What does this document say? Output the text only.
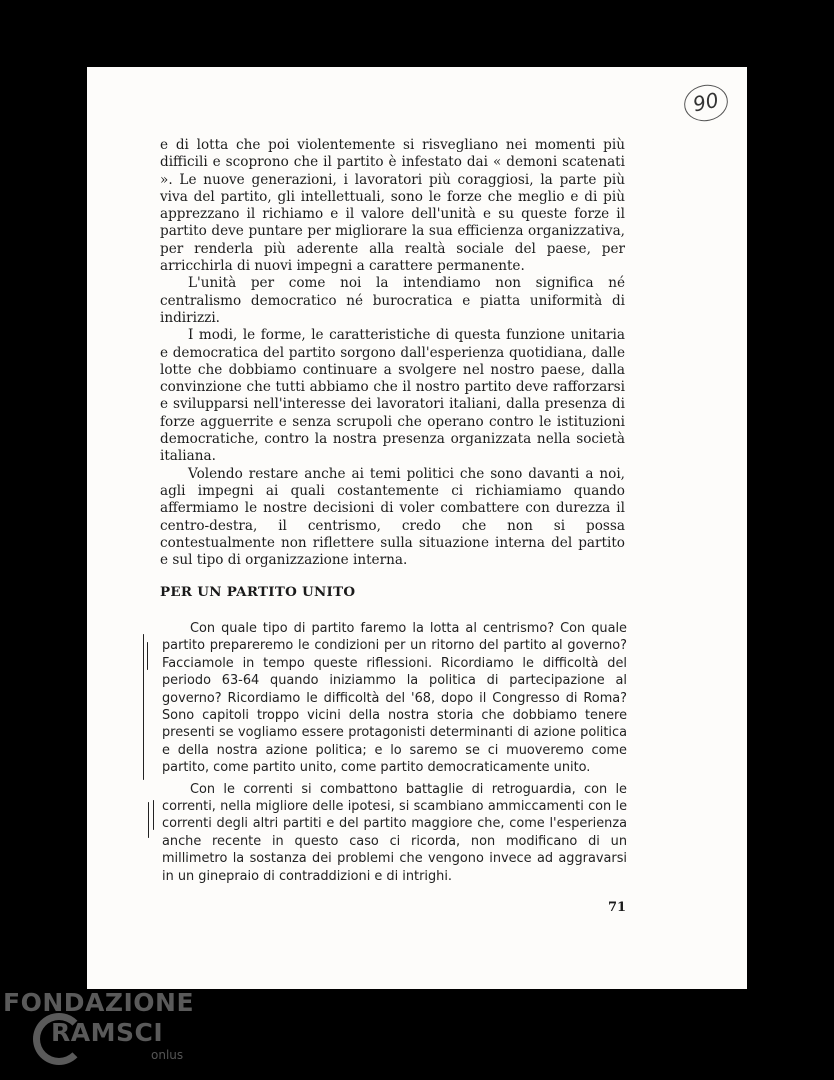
90

e di lotta che poi violentemente si risvegliano nei momenti più difficili e scoprono che il partito è infestato dai « demoni scatenati ». Le nuove generazioni, i lavoratori più coraggiosi, la parte più viva del partito, gli intellettuali, sono le forze che meglio e di più apprezzano il richiamo e il valore dell'unità e su queste forze il partito deve puntare per migliorare la sua efficienza organizzativa, per renderla più aderente alla realtà sociale del paese, per arricchirla di nuovi impegni a carattere permanente.

L'unità per come noi la intendiamo non significa né centralismo democratico né burocratica e piatta uniformità di indirizzi.

I modi, le forme, le caratteristiche di questa funzione unitaria e democratica del partito sorgono dall'esperienza quotidiana, dalle lotte che dobbiamo continuare a svolgere nel nostro paese, dalla convinzione che tutti abbiamo che il nostro partito deve rafforzarsi e svilupparsi nell'interesse dei lavoratori italiani, dalla presenza di forze agguerrite e senza scrupoli che operano contro le istituzioni democratiche, contro la nostra presenza organizzata nella società italiana.

Volendo restare anche ai temi politici che sono davanti a noi, agli impegni ai quali costantemente ci richiamiamo quando affermiamo le nostre decisioni di voler combattere con durezza il centro-destra, il centrismo, credo che non si possa contestualmente non riflettere sulla situazione interna del partito e sul tipo di organizzazione interna.

PER UN PARTITO UNITO

Con quale tipo di partito faremo la lotta al centrismo? Con quale partito prepareremo le condizioni per un ritorno del partito al governo? Facciamole in tempo queste riflessioni. Ricordiamo le difficoltà del periodo 63-64 quando iniziammo la politica di partecipazione al governo? Ricordiamo le difficoltà del '68, dopo il Congresso di Roma? Sono capitoli troppo vicini della nostra storia che dobbiamo tenere presenti se vogliamo essere protagonisti determinanti di azione politica e della nostra azione politica; e lo saremo se ci muoveremo come partito, come partito unito, come partito democraticamente unito.

Con le correnti si combattono battaglie di retroguardia, con le correnti, nella migliore delle ipotesi, si scambiano ammiccamenti con le correnti degli altri partiti e del partito maggiore che, come l'esperienza anche recente in questo caso ci ricorda, non modificano di un millimetro la sostanza dei problemi che vengono invece ad aggravarsi in un ginepraio di contraddizioni e di intrighi.

71
FONDAZIONE
RAMSCI
onlus
